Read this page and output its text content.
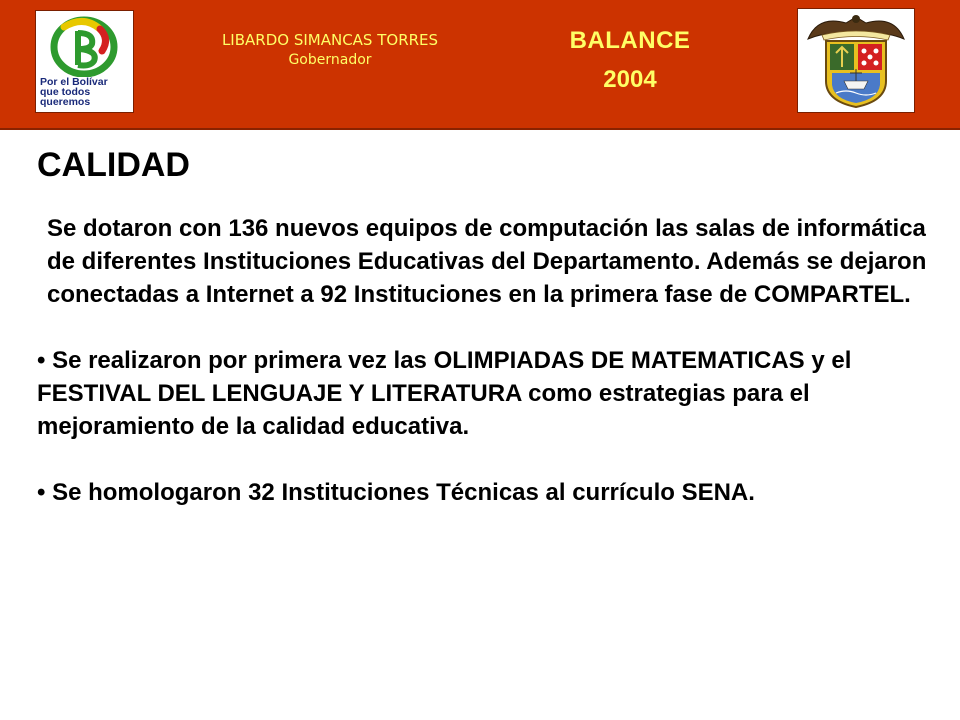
Por el Bolívar
que todos
queremos
LIBARDO SIMANCAS TORRES
Gobernador
BALANCE
2004
CALIDAD

Se dotaron con 136 nuevos equipos de computación las salas de informática de diferentes Instituciones Educativas del Departamento. Además se dejaron conectadas a Internet a 92 Instituciones en la primera fase de COMPARTEL.

• Se realizaron por primera vez las OLIMPIADAS DE MATEMATICAS y el FESTIVAL DEL LENGUAJE Y LITERATURA como estrategias para el mejoramiento de la calidad educativa.

• Se homologaron 32 Instituciones Técnicas al currículo SENA.
